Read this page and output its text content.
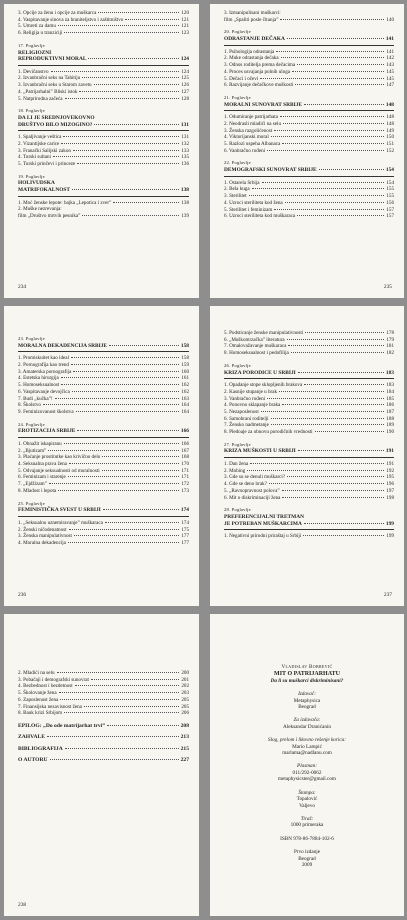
3. Opcije za ženu i opcije za muškarca	120
4. Vaspitavanje sinova za hraniteljstvo i zaštitništvo	121
5. Umreti za damu	121
6. Religija u tranziciji	123
17. Poglavlje
RELIGIOZNI
REPRODUKTIVNI MORAL	124
1. Devičanstvo	124
2. Izvanbračni seks na Tahitiju	125
3. Izvanbračni seks u Starom zavetu	126
4. „Patrijarhalni” Bliski istok	127
5. Natprirodna začeća	128
18. Poglavlje
DA LI JE SREDNJOVEKOVNO
DRUŠTVO BILO MIZOGINO?	131
1. Spaljivanje veštica	131
2. Vizantijske carice	132
3. Franački Salijski zakon	133
4. Turski sultani	135
5. Turski prinčevi i princeze	136
19. Poglavlje
HOLIVUDSKA
MATRIFOKALNOST	138
1. Moć ženske lepote: bajka „Lepotica i zver”	138
2. Muške nezrevanja:
film „Društvo mrtvih pesnika”	139
234
3. Izmanipulisani muškarci:
film „Spaliti posle čitanja”	140
20. Poglavlje
ODRASTANJE DEČAKA	141
1. Psihologija odrastanja	141
2. Muke odrastanja dečaka	142
3. Odnos roditelja prema dečacima	143
4. Proces usvajanja polnih uloga	145
5. Dečaci i očevi	145
6. Razvijanje dečačkove muškosti	147
21. Poglavlje
MORALNI SUNOVRAT SRBIJE	148
1. Odumiranje patrijarhata	148
2. Neodrasli mladići na selu	148
3. Ženska razgolićenost	149
4. Viktorijanski moral	150
5. Razlozi uspeha Albanaca	151
6. Vanbračno rođeni	152
22. Poglavlje
DEMOGRAFSKI SUNOVRAT SRBIJE	154
1. Ostarela Srbija	154
2. Bela kuga	155
3. Sterilitet	155
4. Uzroci steriliteta kod žena	156
5. Sterilitet i feminizam	157
6. Uzroci steriliteta kod muškaraca	157
235
23. Poglavlje
MORALNA DEKADENCIJA SRBIJE	158
1. Promiskuitet kao ideal	158
2. Pornografija kao trend	159
3. Amaterska pornografija	160
4. Estetska hirurgija	161
5. Homoseksualnost	162
6. Vaspitavanje devojčica	162
7. Budi „kučka”!	163
8. Školstvo	164
9. Feminizovanost školstva	164
24. Poglavlje
EROTIZACIJA SRBIJE	166
1. Obnažit iskapiranu	166
2. „Bjutizam”	167
3. Plaćanje prostitutke kao krivično delo	168
4. Seksualna prava žena	170
5. Odvajanje seksualnosti od moralnosti	171
6. Feminizam i starenje	171
7. „Ejdžizam”	172
8. Mladost i lepota	173
25. Poglavlje
FEMINISTIČKA SVEST U SRBIJI	174
1. „Seksualno uznemiravanje” muškaraca	174
2. Ženski ničodenatnost	175
3. Ženska manipulativnost	177
4. Moralna dekadencija	177
236
5. Podsticanje ženske manipulativnosti	178
6. „Muškomrzačka” literatura	179
7. Omalovažavanje muškaraca	181
8. Homoseksualnost i pedofilija	182
26. Poglavlje
KRIZA PORODICE U SRBIJI	183
1. Opadanje stope sklopljenih brakova	183
2. Kasnije stupanje u brak	184
3. Vanbračno rođeni	185
4. Ponovno sklapanje braka	186
5. Nezaposlenost	187
6. Samohrani roditelji	188
7. Žensko nadmetanje	189
8. Pledoaje za obnovu porodičnih vrednosti	190
27. Poglavlje
KRIZA MUŠKOSTI U SRBIJI	191
1. Dan žena	191
2. Mobing	192
3. Gde su se denuli muškarci?	195
4. Gde se deno brak?	196
5. „Ravnopravnost polova”	197
6. Mit o diskriminaciji žena	198
28. Poglavlje
PREFERENCIJALNI TRETMAN
JE POTREBAN MUŠKARCIMA	199
1. Negativni prirodni priraštaj u Srbiji	199
237
2. Mladići na selu	200
3. Pobačaji i demografski sunovrat	201
4. Bezbednost i bezdetnost	202
5. Školovanje žena	203
6. Zaposlenost žena	205
7. Finansijska nezavisnost žena	205
8. Bauk krizi Srbijom	206
EPILOG: „Do ođe matrijarhat trvi”	208
ZAHVALE	213
BIBLIOGRAFIJA	215
O AUTORU	227
238
Vladislav Bobrević
MIT O PATRIJARHATU
Da li su muškarci diskriminisani?
Izdavač:
Metaphysica
Beograd
Za izdavača:
Aleksandar Dranićanin
Slog, prelom i likovno rešenje korica:
Mario Lampić
marlama@nadlanu.com
Plasman:
011/292-0062
metaphysicster@gmail.com
Štampa:
Topalović
Valjevo
Tiraž:
1000 primeraka
ISBN 978-86-7884-102-6
Prvo izdanje
Beograd
2009
